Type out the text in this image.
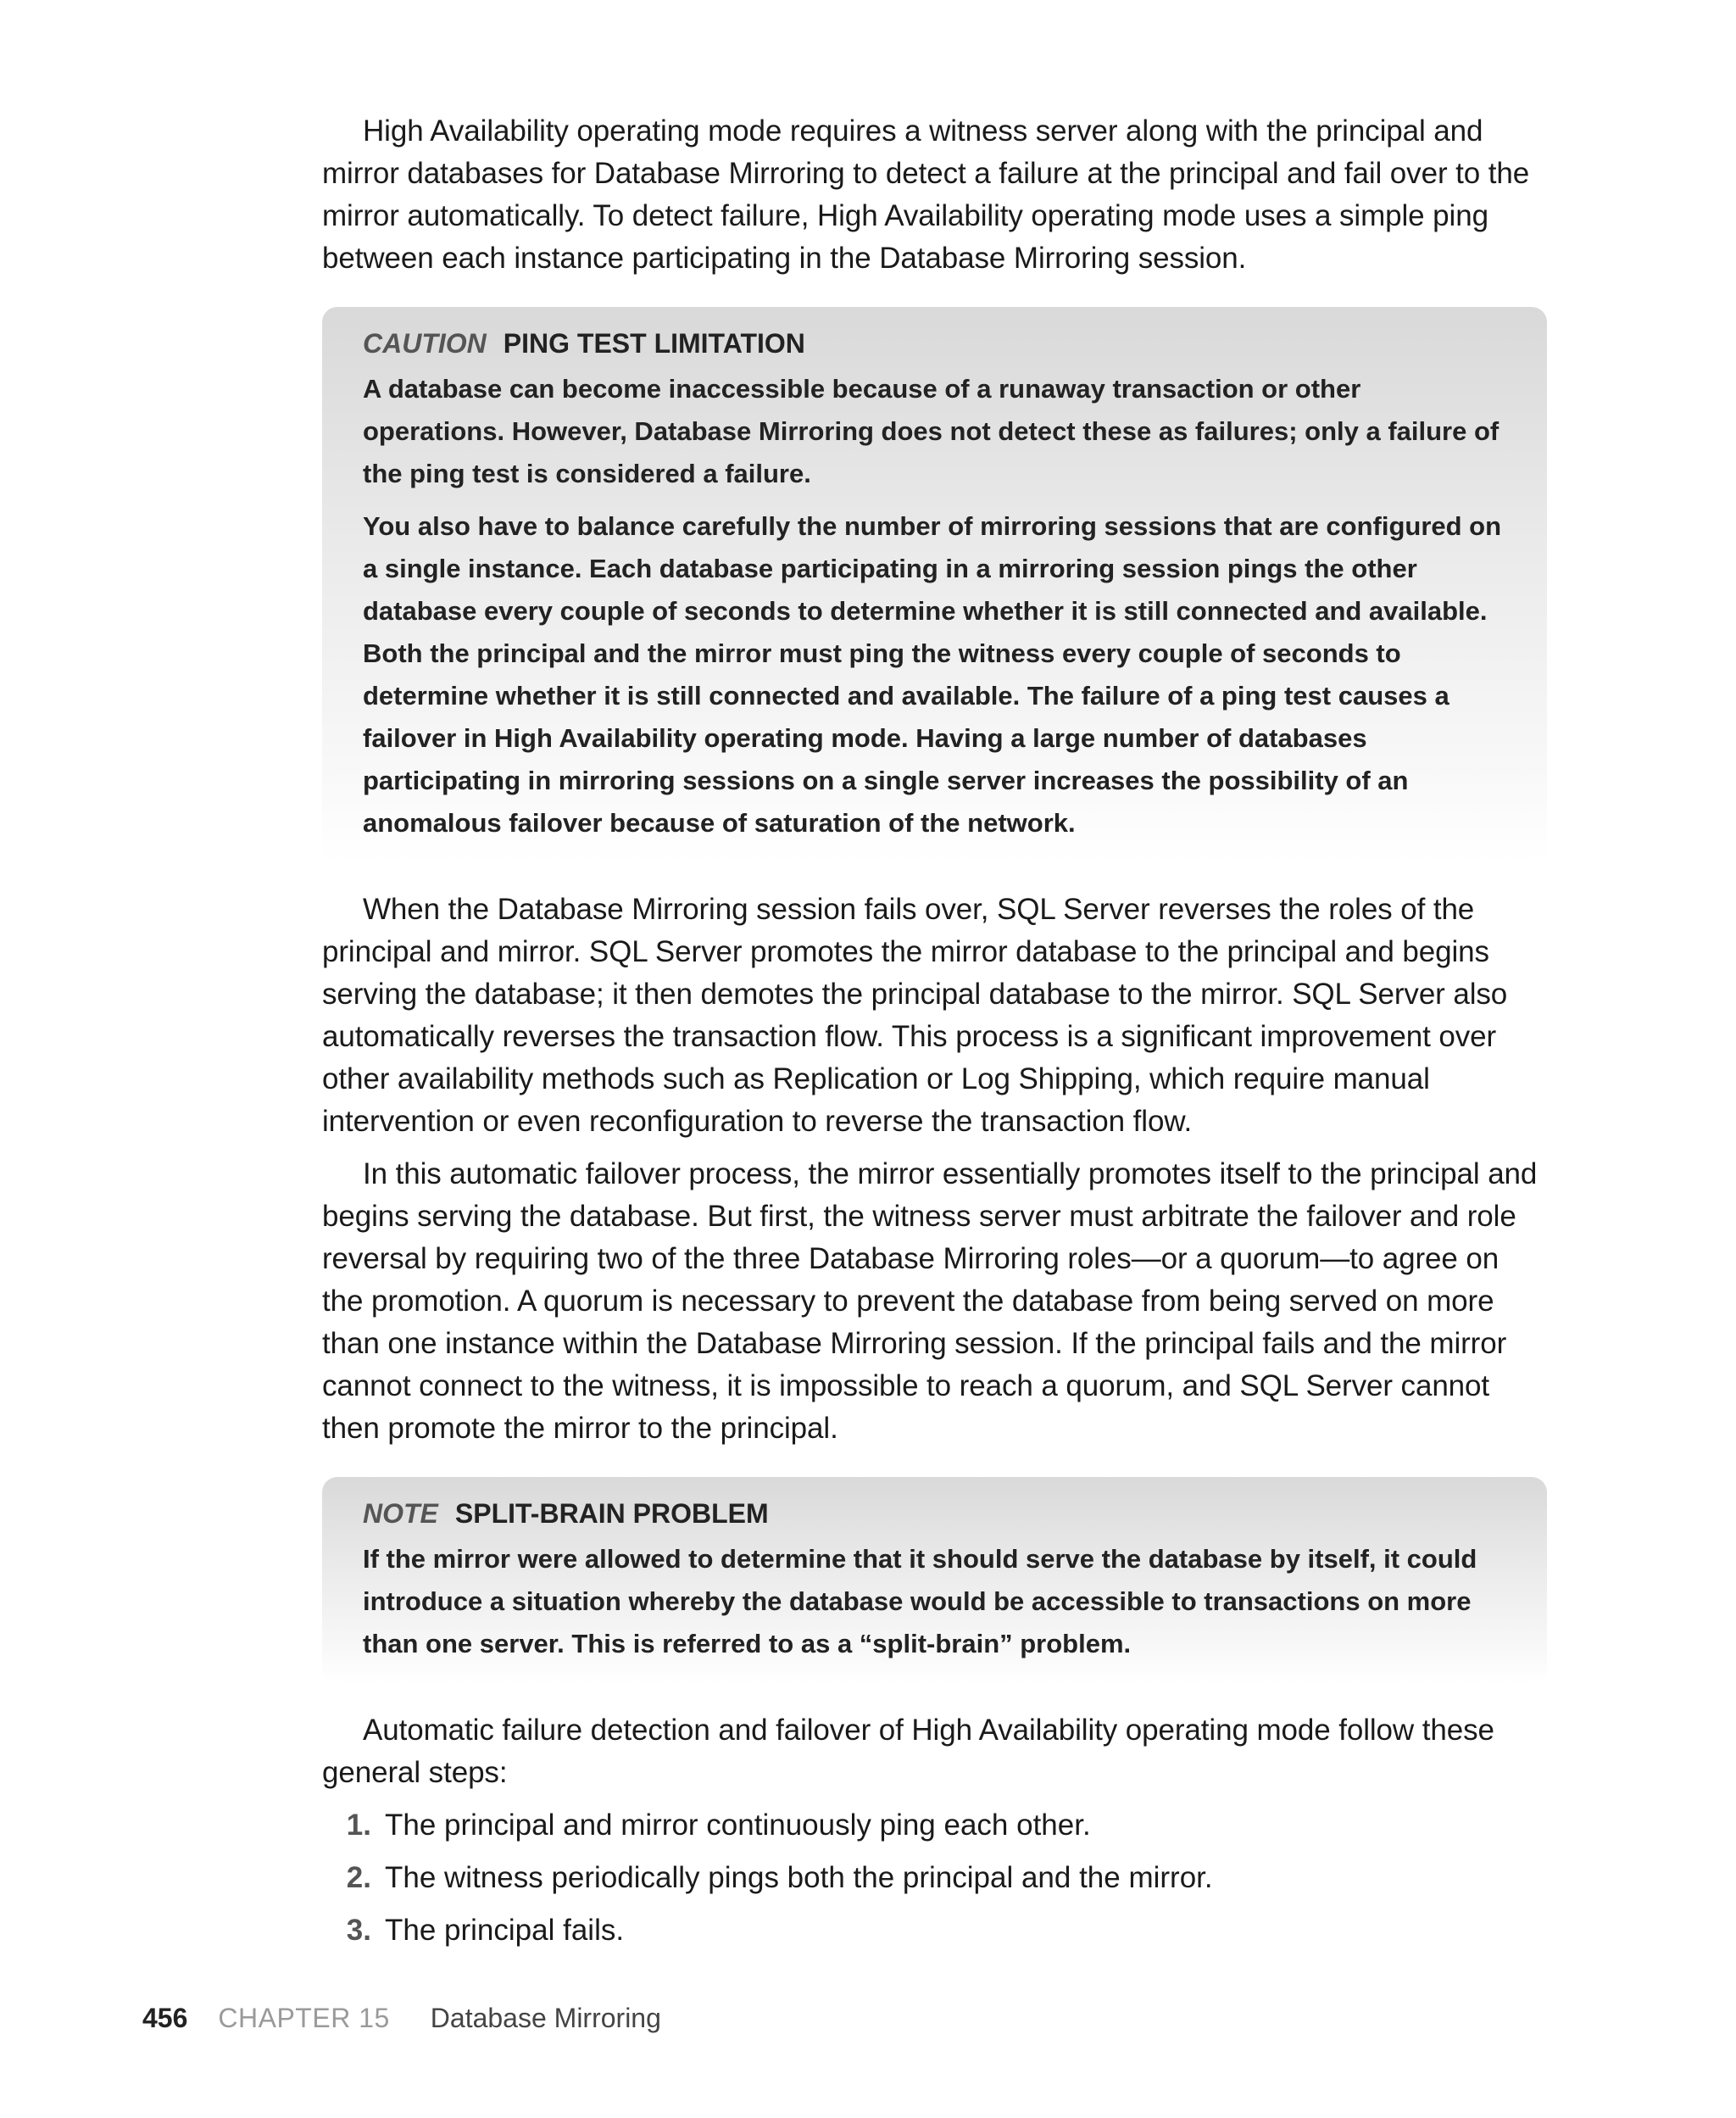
High Availability operating mode requires a witness server along with the principal and mirror databases for Database Mirroring to detect a failure at the principal and fail over to the mirror automatically. To detect failure, High Availability operating mode uses a simple ping between each instance participating in the Database Mirroring session.

CAUTION PING TEST LIMITATION

A database can become inaccessible because of a runaway transaction or other operations. However, Database Mirroring does not detect these as failures; only a failure of the ping test is considered a failure.

You also have to balance carefully the number of mirroring sessions that are configured on a single instance. Each database participating in a mirroring session pings the other database every couple of seconds to determine whether it is still connected and available. Both the principal and the mirror must ping the witness every couple of seconds to determine whether it is still connected and available. The failure of a ping test causes a failover in High Availability operating mode. Having a large number of databases participating in mirroring sessions on a single server increases the possibility of an anomalous failover because of saturation of the network.

When the Database Mirroring session fails over, SQL Server reverses the roles of the principal and mirror. SQL Server promotes the mirror database to the principal and begins serving the database; it then demotes the principal database to the mirror. SQL Server also automatically reverses the transaction flow. This process is a significant improvement over other availability methods such as Replication or Log Shipping, which require manual intervention or even reconfiguration to reverse the transaction flow.

In this automatic failover process, the mirror essentially promotes itself to the principal and begins serving the database. But first, the witness server must arbitrate the failover and role reversal by requiring two of the three Database Mirroring roles—or a quorum—to agree on the promotion. A quorum is necessary to prevent the database from being served on more than one instance within the Database Mirroring session. If the principal fails and the mirror cannot connect to the witness, it is impossible to reach a quorum, and SQL Server cannot then promote the mirror to the principal.

NOTE SPLIT-BRAIN PROBLEM

If the mirror were allowed to determine that it should serve the database by itself, it could introduce a situation whereby the database would be accessible to transactions on more than one server. This is referred to as a “split-brain” problem.

Automatic failure detection and failover of High Availability operating mode follow these general steps:

1. The principal and mirror continuously ping each other.
2. The witness periodically pings both the principal and the mirror.
3. The principal fails.
456 CHAPTER 15 Database Mirroring
